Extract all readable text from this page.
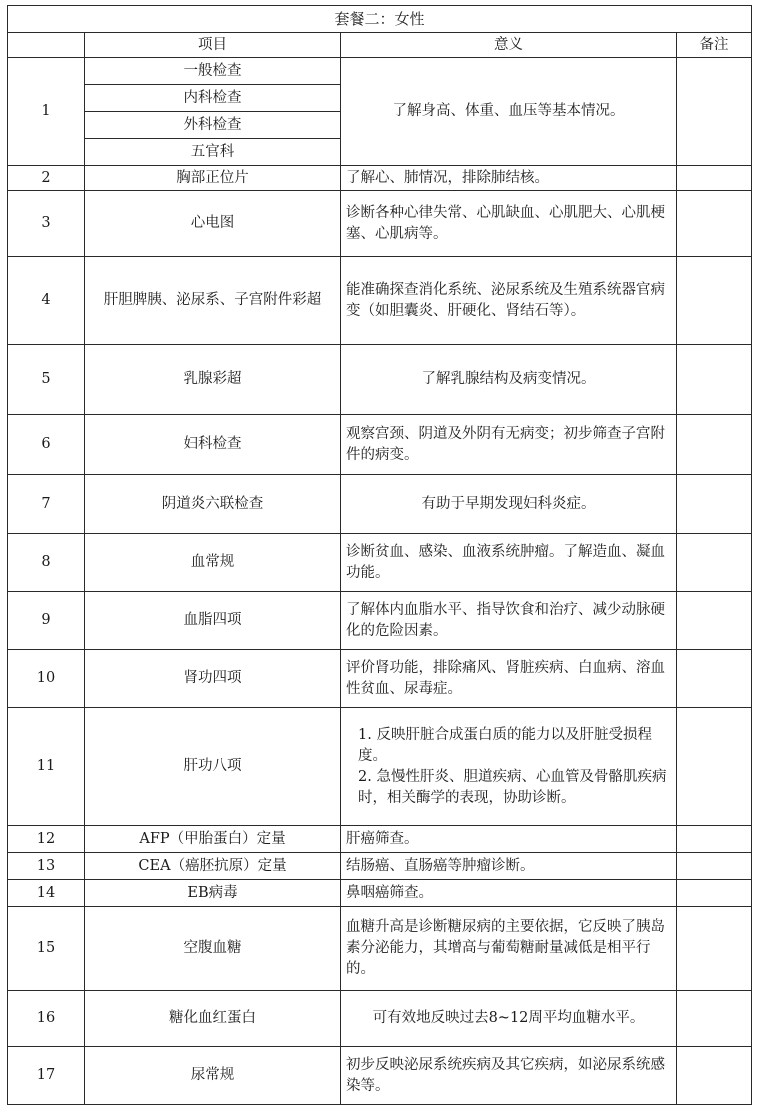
套餐二：女性			
	项目	意义	备注
1	一般检查	了解身高、体重、血压等基本情况。	
	内科检查		
	外科检查		
	五官科		
2	胸部正位片	了解心、肺情况，排除肺结核。	
3	心电图	诊断各种心律失常、心肌缺血、心肌肥大、心肌梗塞、心肌病等。	
4	肝胆脾胰、泌尿系、子宫附件彩超	能准确探查消化系统、泌尿系统及生殖系统器官病变（如胆囊炎、肝硬化、肾结石等）。	
5	乳腺彩超	了解乳腺结构及病变情况。	
6	妇科检查	观察宫颈、阴道及外阴有无病变；初步筛查子宫附件的病变。	
7	阴道炎六联检查	有助于早期发现妇科炎症。	
8	血常规	诊断贫血、感染、血液系统肿瘤。了解造血、凝血功能。	
9	血脂四项	了解体内血脂水平、指导饮食和治疗、减少动脉硬化的危险因素。	
10	肾功四项	评价肾功能，排除痛风、肾脏疾病、白血病、溶血性贫血、尿毒症。	
11	肝功八项	1. 反映肝脏合成蛋白质的能力以及肝脏受损程度。
2. 急慢性肝炎、胆道疾病、心血管及骨骼肌疾病时，相关酶学的表现，协助诊断。	

12	AFP（甲胎蛋白）定量	肝癌筛查。	
13	CEA（癌胚抗原）定量	结肠癌、直肠癌等肿瘤诊断。	
14	EB病毒	鼻咽癌筛查。	
15	空腹血糖	血糖升高是诊断糖尿病的主要依据，它反映了胰岛素分泌能力，其增高与葡萄糖耐量减低是相平行的。	
16	糖化血红蛋白	可有效地反映过去8~12周平均血糖水平。	
17	尿常规	初步反映泌尿系统疾病及其它疾病，如泌尿系统感染等。	
